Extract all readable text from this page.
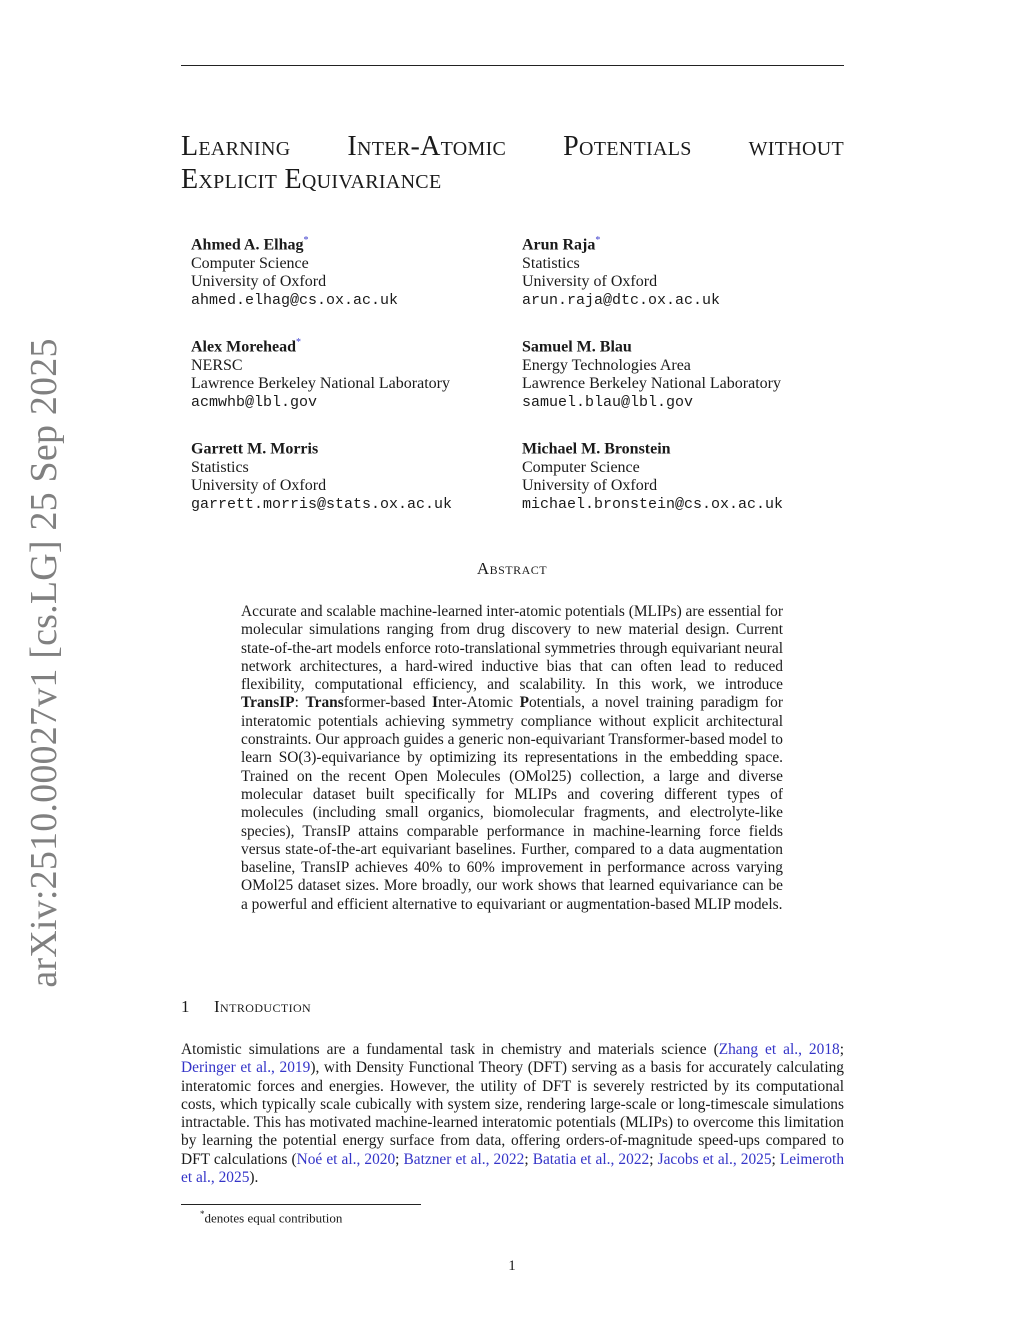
arXiv:2510.00027v1 [cs.LG] 25 Sep 2025
Learning Inter-Atomic Potentials without
Explicit Equivariance
Ahmed A. Elhag*
Computer Science
University of Oxford
ahmed.elhag@cs.ox.ac.uk
Arun Raja*
Statistics
University of Oxford
arun.raja@dtc.ox.ac.uk
Alex Morehead*
NERSC
Lawrence Berkeley National Laboratory
acmwhb@lbl.gov
Samuel M. Blau
Energy Technologies Area
Lawrence Berkeley National Laboratory
samuel.blau@lbl.gov
Garrett M. Morris
Statistics
University of Oxford
garrett.morris@stats.ox.ac.uk
Michael M. Bronstein
Computer Science
University of Oxford
michael.bronstein@cs.ox.ac.uk
Abstract
Accurate and scalable machine-learned inter-atomic potentials (MLIPs) are essential for molecular simulations ranging from drug discovery to new material design. Current state-of-the-art models enforce roto-translational symmetries through equivariant neural network architectures, a hard-wired inductive bias that can often lead to reduced flexibility, computational efficiency, and scalability. In this work, we introduce TransIP: Transformer-based Inter-Atomic Potentials, a novel training paradigm for interatomic potentials achieving symmetry compliance without explicit architectural constraints. Our approach guides a generic non-equivariant Transformer-based model to learn SO(3)-equivariance by optimizing its representations in the embedding space. Trained on the recent Open Molecules (OMol25) collection, a large and diverse molecular dataset built specifically for MLIPs and covering different types of molecules (including small organics, biomolecular fragments, and electrolyte-like species), TransIP attains comparable performance in machine-learning force fields versus state-of-the-art equivariant baselines. Further, compared to a data augmentation baseline, TransIP achieves 40% to 60% improvement in performance across varying OMol25 dataset sizes. More broadly, our work shows that learned equivariance can be a powerful and efficient alternative to equivariant or augmentation-based MLIP models.
1 Introduction
Atomistic simulations are a fundamental task in chemistry and materials science (Zhang et al., 2018; Deringer et al., 2019), with Density Functional Theory (DFT) serving as a basis for accurately calculating interatomic forces and energies. However, the utility of DFT is severely restricted by its computational costs, which typically scale cubically with system size, rendering large-scale or long-timescale simulations intractable. This has motivated machine-learned interatomic potentials (MLIPs) to overcome this limitation by learning the potential energy surface from data, offering orders-of-magnitude speed-ups compared to DFT calculations (Noé et al., 2020; Batzner et al., 2022; Batatia et al., 2022; Jacobs et al., 2025; Leimeroth et al., 2025).
*denotes equal contribution
1
